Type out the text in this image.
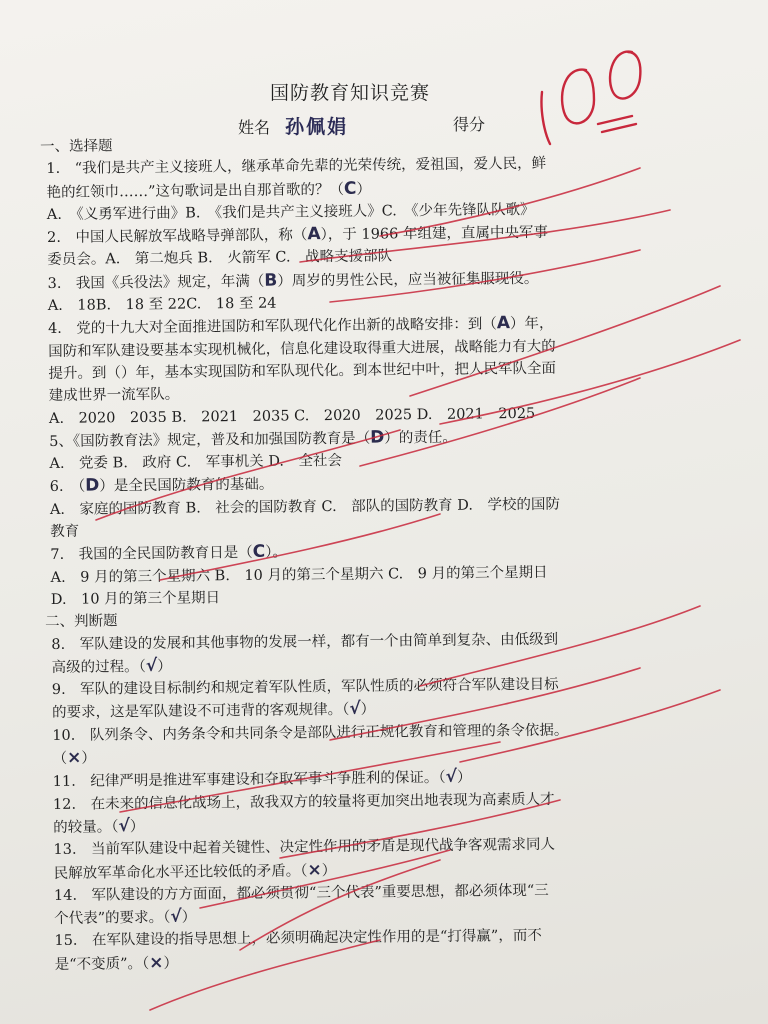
国防教育知识竞赛
姓名 孙佩娟	得分
一、选择题
1.　“我们是共产主义接班人，继承革命先辈的光荣传统，爱祖国，爱人民，鲜
艳的红领巾……”这句歌词是出自那首歌的？（C）
A.　《义勇军进行曲》B.　《我们是共产主义接班人》C.　《少年先锋队队歌》
2.　中国人民解放军战略导弹部队，称（A），于 1966 年组建，直属中央军事
委员会。A.　第二炮兵 B.　火箭军 C.　战略支援部队
3.　我国《兵役法》规定，年满（B）周岁的男性公民，应当被征集服现役。
A.　18B.　18 至 22C.　18 至 24
4.　党的十九大对全面推进国防和军队现代化作出新的战略安排：到（A）年，
国防和军队建设要基本实现机械化，信息化建设取得重大进展，战略能力有大的
提升。到（）年，基本实现国防和军队现代化。到本世纪中叶，把人民军队全面
建成世界一流军队。
A.　2020　2035 B.　2021　2035 C.　2020　2025 D.　2021　2025
5、《国防教育法》规定，普及和加强国防教育是（D）的责任。
A.　党委 B.　政府 C.　军事机关 D.　全社会
6.　（D）是全民国防教育的基础。
A.　家庭的国防教育 B.　社会的国防教育 C.　部队的国防教育 D.　学校的国防
教育
7.　我国的全民国防教育日是（C）。
A.　9 月的第三个星期六 B.　10 月的第三个星期六 C.　9 月的第三个星期日
D.　10 月的第三个星期日
二、判断题
8.　军队建设的发展和其他事物的发展一样，都有一个由简单到复杂、由低级到
高级的过程。（√）
9.　军队的建设目标制约和规定着军队性质，军队性质的必须符合军队建设目标
的要求，这是军队建设不可违背的客观规律。（√）
10.　队列条令、内务条令和共同条令是部队进行正规化教育和管理的条令依据。
（×）
11.　纪律严明是推进军事建设和夺取军事斗争胜利的保证。（√）
12.　在未来的信息化战场上，敌我双方的较量将更加突出地表现为高素质人才
的较量。（√）
13.　当前军队建设中起着关键性、决定性作用的矛盾是现代战争客观需求同人
民解放军革命化水平还比较低的矛盾。（×）
14.　军队建设的方方面面，都必须贯彻“三个代表”重要思想，都必须体现“三
个代表”的要求。（√）
15.　在军队建设的指导思想上，必须明确起决定性作用的是“打得赢”，而不
是“不变质”。（×）
